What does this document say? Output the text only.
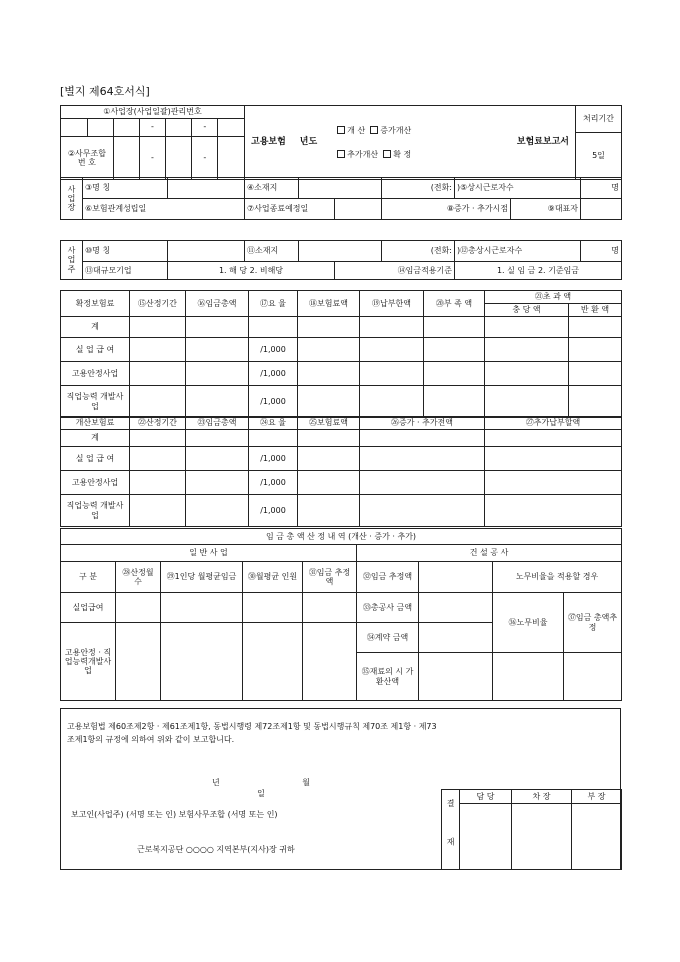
[별지 제64호서식]
①사업장(사업일괄)관리번호
			-		-	
②사무조합 번 호		-		-	

고용보험 년도
개 산 증가개산
추가개산 확 정
보험료보고서

처리기간
5일
사 업 장	③명 칭		④소재지			(전화:	)⑤상시근로자수		명
	⑥보험관계성립일		⑦사업종료예정일			⑧증가 · 추가시점		⑨대표자	
사 업 주	⑩명 칭		⑪소재지			(전화:	)⑫총상시근로자수	명
	⑬대규모기업	1. 해 당 2. 비해당			⑭임금적용기준		1. 실 임 금 2. 기준임금	
확정보험료	⑮산정기간	⑯임금총액	⑰요 율	⑱보험료액	⑲납부한액	⑳부 족 액	㉑초 과 액	
							충 당 액	반 환 액
계								
실 업 급 여			/1,000					
고용안정사업			/1,000					
직업능력 개발사업			/1,000					
개산보험료	㉒산정기간	㉓임금총액	㉔요 율	㉕보험료액	㉖증가 · 추가전액	㉗추가납부할액
계						
실 업 급 여			/1,000			
고용안정사업			/1,000			
직업능력 개발사업			/1,000			
임 금 총 액 산 정 내 역 (개산 · 증가 · 추가)								
일 반 사 업					건 설 공 사			
구 분	㉘산정월 수	㉙1인당 월평균임금	㉚월평균 인원	㉛임금 추정액	㉜임금 추정액		노무비율을 적용할 경우	
실업급여					㉝총공사 금액		㊱노무비율	㊲임금 총액추정
고용안정 · 직업능력개발사 업					㉞계약 금액			
					㉟재료의 시 가 환산액			
고용보험법 제60조제2항 · 제61조제1항, 동법시행령 제72조제1항 및 동법시행규칙 제70조 제1항 · 제73조제1항의 규정에 의하여 위와 같이 보고합니다.
년 월 일
보고인(사업주) (서명 또는 인) 보험사무조합 (서명 또는 인)
근로복지공단 ○○○○ 지역본부(지사)장 귀하	결 재	담 당	차 장	부 장
